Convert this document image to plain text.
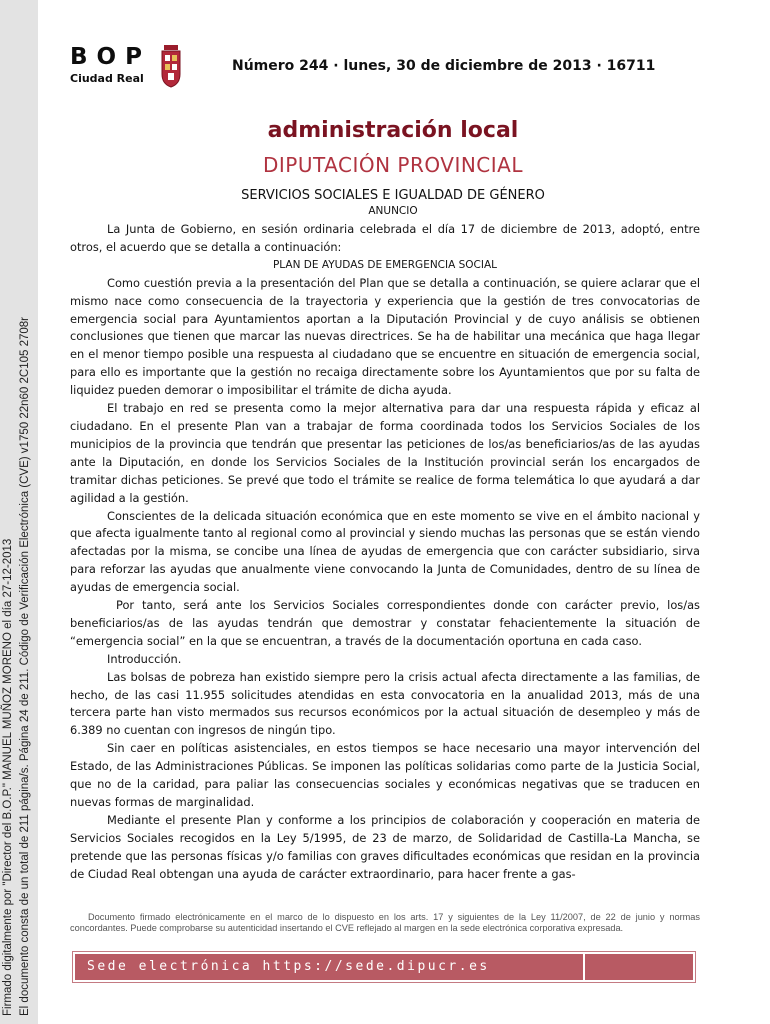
Firmado digitalmente por "Director del B.O.P." MANUEL MUÑOZ MORENO el día 27-12-2013 El documento consta de un total de 211 página/s. Página 24 de 211. Código de Verificación Electrónica (CVE) v1750 22n60 2C105 2708r
BOP
Ciudad Real
Número 244 · lunes, 30 de diciembre de 2013 · 16711
administración local
DIPUTACIÓN PROVINCIAL
SERVICIOS SOCIALES E IGUALDAD DE GÉNERO
ANUNCIO

La Junta de Gobierno, en sesión ordinaria celebrada el día 17 de diciembre de 2013, adoptó, entre otros, el acuerdo que se detalla a continuación:

PLAN DE AYUDAS DE EMERGENCIA SOCIAL

Como cuestión previa a la presentación del Plan que se detalla a continuación, se quiere aclarar que el mismo nace como consecuencia de la trayectoria y experiencia que la gestión de tres convocatorias de emergencia social para Ayuntamientos aportan a la Diputación Provincial y de cuyo análisis se obtienen conclusiones que tienen que marcar las nuevas directrices. Se ha de habilitar una mecánica que haga llegar en el menor tiempo posible una respuesta al ciudadano que se encuentre en situación de emergencia social, para ello es importante que la gestión no recaiga directamente sobre los Ayuntamientos que por su falta de liquidez pueden demorar o imposibilitar el trámite de dicha ayuda.

El trabajo en red se presenta como la mejor alternativa para dar una respuesta rápida y eficaz al ciudadano. En el presente Plan van a trabajar de forma coordinada todos los Servicios Sociales de los municipios de la provincia que tendrán que presentar las peticiones de los/as beneficiarios/as de las ayudas ante la Diputación, en donde los Servicios Sociales de la Institución provincial serán los encargados de tramitar dichas peticiones. Se prevé que todo el trámite se realice de forma telemática lo que ayudará a dar agilidad a la gestión.

Conscientes de la delicada situación económica que en este momento se vive en el ámbito nacional y que afecta igualmente tanto al regional como al provincial y siendo muchas las personas que se están viendo afectadas por la misma, se concibe una línea de ayudas de emergencia que con carácter subsidiario, sirva para reforzar las ayudas que anualmente viene convocando la Junta de Comunidades, dentro de su línea de ayudas de emergencia social.

Por tanto, será ante los Servicios Sociales correspondientes donde con carácter previo, los/as beneficiarios/as de las ayudas tendrán que demostrar y constatar fehacientemente la situación de “emergencia social” en la que se encuentran, a través de la documentación oportuna en cada caso.

Introducción.

Las bolsas de pobreza han existido siempre pero la crisis actual afecta directamente a las familias, de hecho, de las casi 11.955 solicitudes atendidas en esta convocatoria en la anualidad 2013, más de una tercera parte han visto mermados sus recursos económicos por la actual situación de desempleo y más de 6.389 no cuentan con ingresos de ningún tipo.

Sin caer en políticas asistenciales, en estos tiempos se hace necesario una mayor intervención del Estado, de las Administraciones Públicas. Se imponen las políticas solidarias como parte de la Justicia Social, que no de la caridad, para paliar las consecuencias sociales y económicas negativas que se traducen en nuevas formas de marginalidad.

Mediante el presente Plan y conforme a los principios de colaboración y cooperación en materia de Servicios Sociales recogidos en la Ley 5/1995, de 23 de marzo, de Solidaridad de Castilla-La Mancha, se pretende que las personas físicas y/o familias con graves dificultades económicas que residan en la provincia de Ciudad Real obtengan una ayuda de carácter extraordinario, para hacer frente a gas-

Documento firmado electrónicamente en el marco de lo dispuesto en los arts. 17 y siguientes de la Ley 11/2007, de 22 de junio y normas concordantes. Puede comprobarse su autenticidad insertando el CVE reflejado al margen en la sede electrónica corporativa expresada.
Sede electrónica https://sede.dipucr.es
